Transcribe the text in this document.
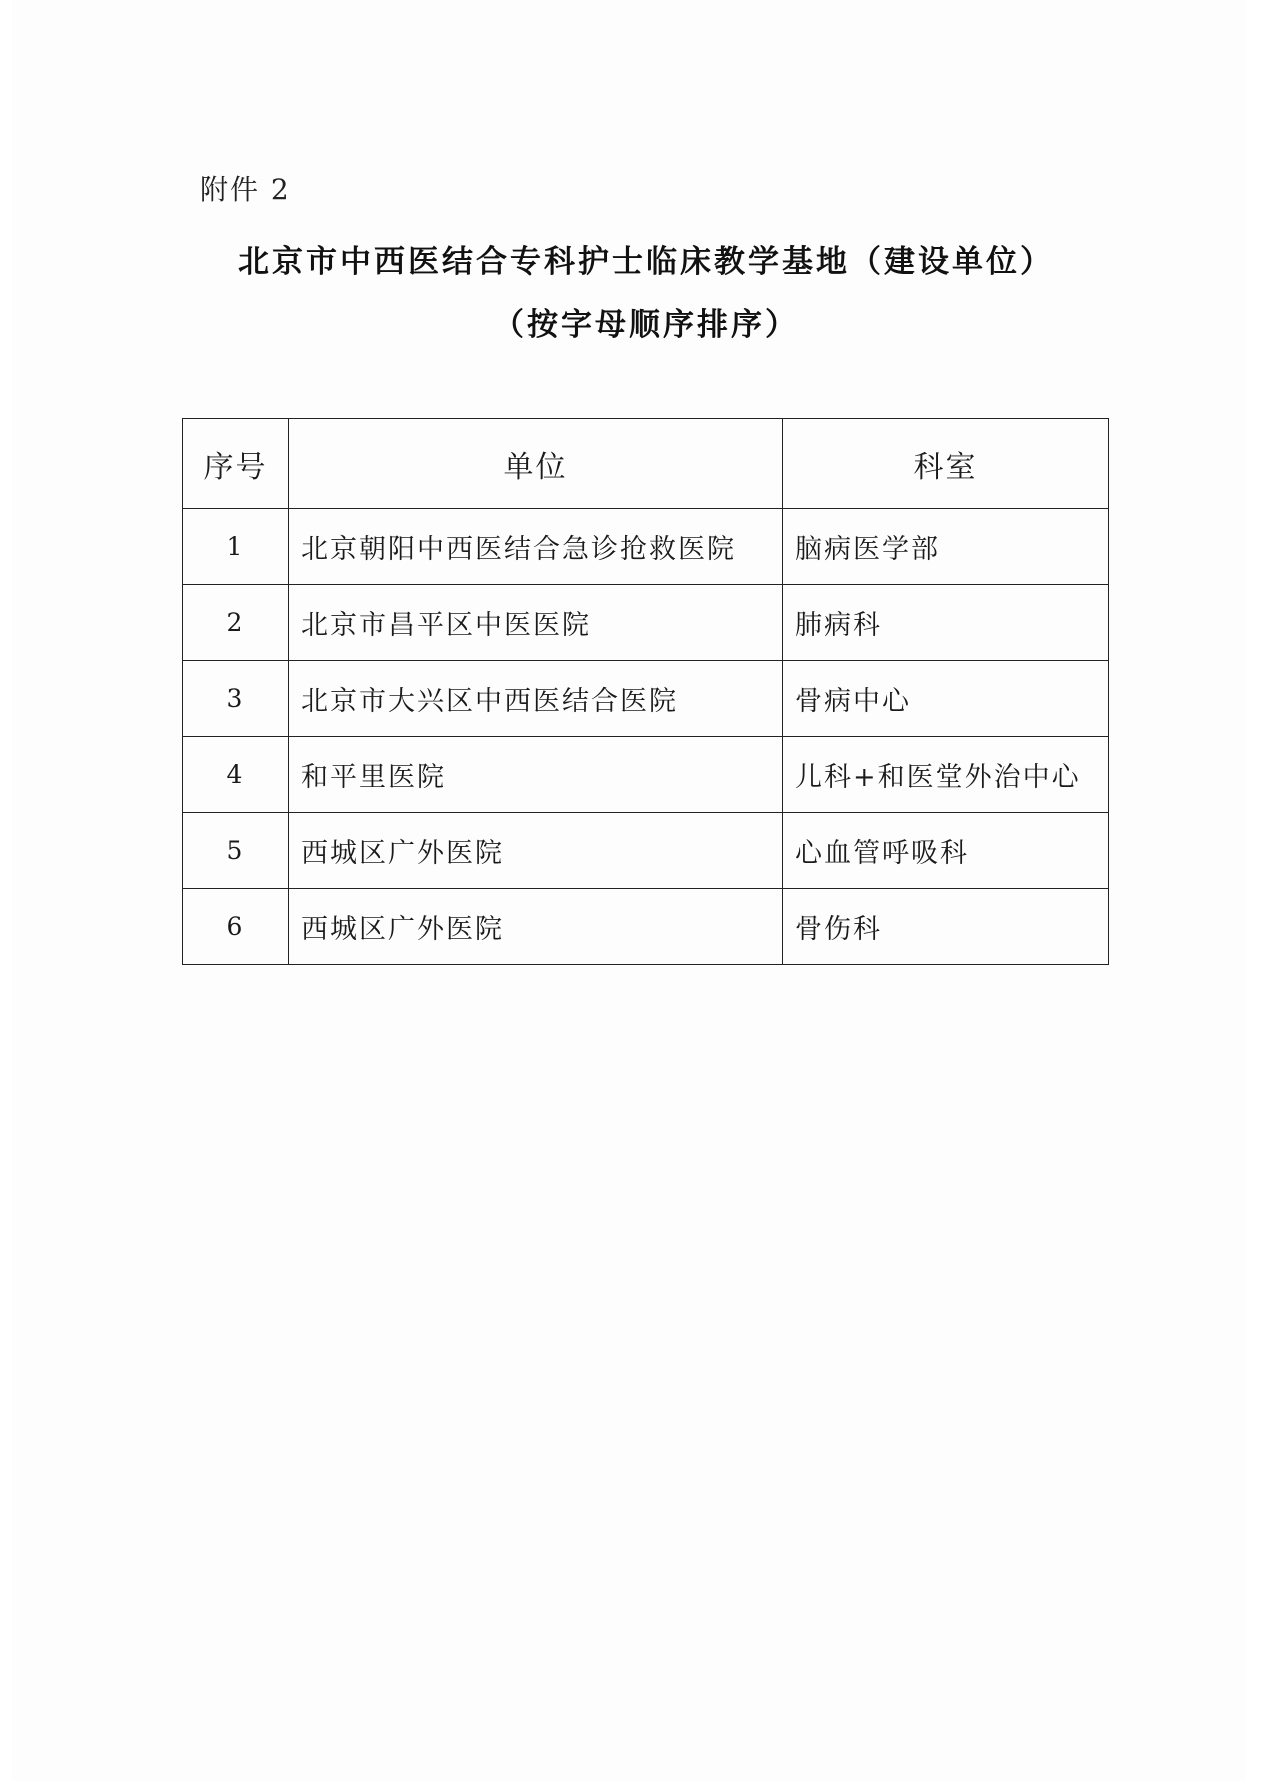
附件 2
北京市中西医结合专科护士临床教学基地（建设单位）
（按字母顺序排序）
序号	单位	科室
1	北京朝阳中西医结合急诊抢救医院	脑病医学部
2	北京市昌平区中医医院	肺病科
3	北京市大兴区中西医结合医院	骨病中心
4	和平里医院	儿科+和医堂外治中心
5	西城区广外医院	心血管呼吸科
6	西城区广外医院	骨伤科
